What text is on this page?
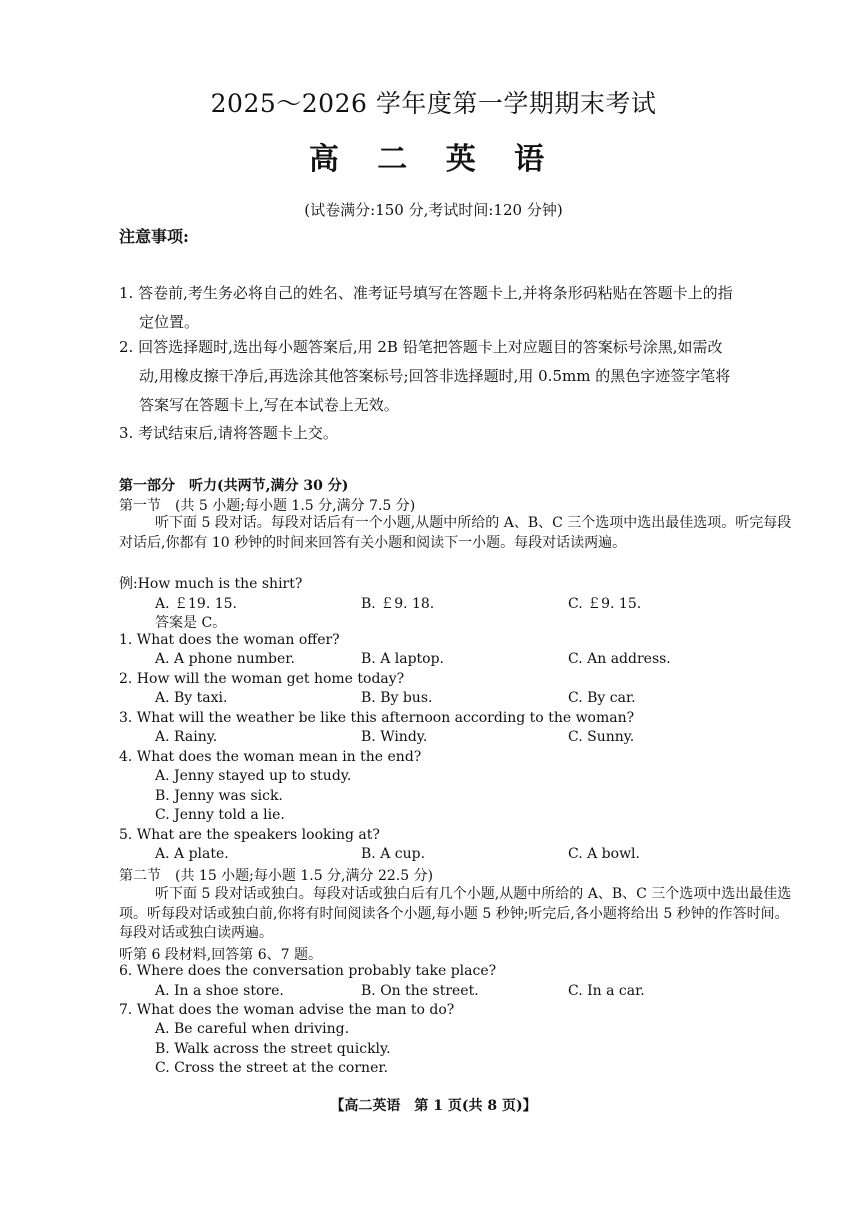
2025～2026 学年度第一学期期末考试
高 二 英 语
(试卷满分:150 分,考试时间:120 分钟)
注意事项:
1. 答卷前,考生务必将自己的姓名、准考证号填写在答题卡上,并将条形码粘贴在答题卡上的指
定位置。
2. 回答选择题时,选出每小题答案后,用 2B 铅笔把答题卡上对应题目的答案标号涂黑,如需改
动,用橡皮擦干净后,再选涂其他答案标号;回答非选择题时,用 0.5mm 的黑色字迹签字笔将
答案写在答题卡上,写在本试卷上无效。
3. 考试结束后,请将答题卡上交。
第一部分　听力(共两节,满分 30 分)
第一节　(共 5 小题;每小题 1.5 分,满分 7.5 分)
听下面 5 段对话。每段对话后有一个小题,从题中所给的 A、B、C 三个选项中选出最佳选项。听完每段对话后,你都有 10 秒钟的时间来回答有关小题和阅读下一小题。每段对话读两遍。
例:How much is the shirt?
A. ￡19. 15.	B. ￡9. 18.	C. ￡9. 15.
答案是 C。
1. What does the woman offer?
A. A phone number.	B. A laptop.	C. An address.
2. How will the woman get home today?
A. By taxi.	B. By bus.	C. By car.
3. What will the weather be like this afternoon according to the woman?
A. Rainy.	B. Windy.	C. Sunny.
4. What does the woman mean in the end?
A. Jenny stayed up to study.
B. Jenny was sick.
C. Jenny told a lie.
5. What are the speakers looking at?
A. A plate.	B. A cup.	C. A bowl.
第二节　(共 15 小题;每小题 1.5 分,满分 22.5 分)
听下面 5 段对话或独白。每段对话或独白后有几个小题,从题中所给的 A、B、C 三个选项中选出最佳选项。听每段对话或独白前,你将有时间阅读各个小题,每小题 5 秒钟;听完后,各小题将给出 5 秒钟的作答时间。每段对话或独白读两遍。
听第 6 段材料,回答第 6、7 题。
6. Where does the conversation probably take place?
A. In a shoe store.	B. On the street.	C. In a car.
7. What does the woman advise the man to do?
A. Be careful when driving.
B. Walk across the street quickly.
C. Cross the street at the corner.
【高二英语　第 1 页(共 8 页)】
